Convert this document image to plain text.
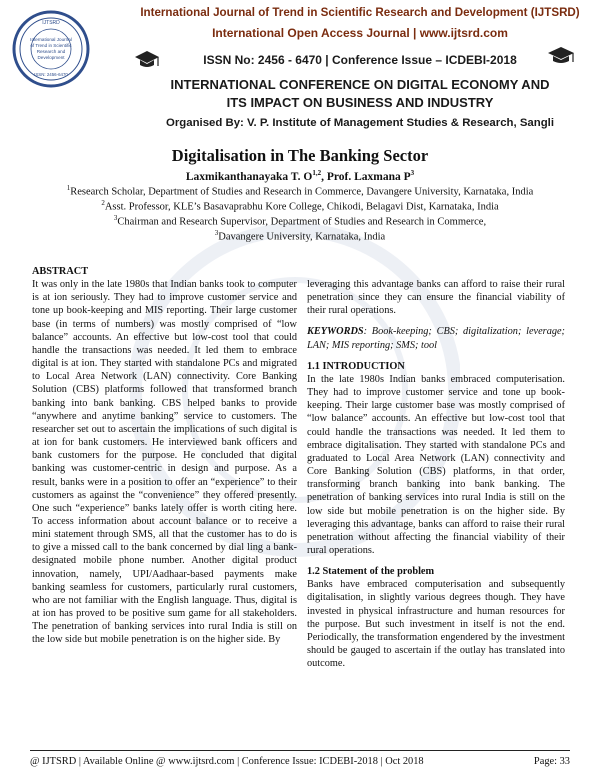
International Journal
of Trend in Scientific
Research and
Development
ISSN: 2456-6470
IJTSRD
International Journal of Trend in Scientific Research and Development (IJTSRD)
International Open Access Journal | www.ijtsrd.com
ISSN No: 2456 - 6470 | Conference Issue – ICDEBI-2018
INTERNATIONAL CONFERENCE ON DIGITAL ECONOMY AND
ITS IMPACT ON BUSINESS AND INDUSTRY
Organised By: V. P. Institute of Management Studies & Research, Sangli
Digitalisation in The Banking Sector
Laxmikanthanayaka T. O$^{1,2}$, Prof. Laxmana $P^3$
$^1$Research Scholar, Department of Studies and Research in Commerce, Davangere University, Karnataka, India
$^2$Asst. Professor, KLE’s Basavaprabhu Kore College, Chikodi, Belagavi Dist, Karnataka, India
$^3$Chairman and Research Supervisor, Department of Studies and Research in Commerce,
$^3$Davangere University, Karnataka, India

ABSTRACT

It was only in the late 1980s that Indian banks took to computer is at ion seriously. They had to improve customer service and tone up book-keeping and MIS reporting. Their large customer base (in terms of numbers) was mostly comprised of “low balance” accounts. An effective but low-cost tool that could handle the transactions was needed. It led them to embrace digital is at ion. They started with standalone PCs and migrated to Local Area Network (LAN) connectivity. Core Banking Solution (CBS) platforms followed that transformed branch banking into bank banking. CBS helped banks to provide “anywhere and anytime banking” service to customers. The researcher set out to ascertain the implications of such digital is at ion for bank customers. He interviewed bank officers and bank customers for the purpose. He concluded that digital banking was customer-centric in design and purpose. As a result, banks were in a position to offer an “experience” to their customers as against the “convenience” they offered presently. One such “experience” banks lately offer is worth citing here. To access information about account balance or to receive a mini statement through SMS, all that the customer has to do is to give a missed call to the bank concerned by dial ling a bank-designated mobile phone number. Another digital product innovation, namely, UPI/Aadhaar-based payments make banking seamless for customers, particularly rural customers, who are not familiar with the English language. Thus, digital is at ion has proved to be positive sum game for all stakeholders. The penetration of banking services into rural India is still on the low side but mobile penetration is on the higher side. By

leveraging this advantage banks can afford to raise their rural penetration since they can ensure the financial viability of their rural operations.

KEYWORDS: Book-keeping; CBS; digitalization; leverage; LAN; MIS reporting; SMS; tool

1.1 INTRODUCTION

In the late 1980s Indian banks embraced computerisation. They had to improve customer service and tone up book-keeping. Their large customer base was mostly comprised of “low balance” accounts. An effective but low-cost tool that could handle the transactions was needed. It led them to embrace digitalisation. They started with standalone PCs and graduated to Local Area Network (LAN) connectivity and Core Banking Solution (CBS) platforms, in that order, transforming branch banking into bank banking. The penetration of banking services into rural India is still on the low side but mobile penetration is on the higher side. By leveraging this advantage, banks can afford to raise their rural penetration without affecting the financial viability of their rural operations.

1.2 Statement of the problem

Banks have embraced computerisation and subsequently digitalisation, in slightly various degrees though. They have invested in physical infrastructure and human resources for the purpose. But such investment in itself is not the end. Periodically, the transformation engendered by the investment should be gauged to ascertain if the outlay has translated into outcome.

@ IJTSRD | Available Online @ www.ijtsrd.com | Conference Issue: ICDEBI-2018 | Oct 2018	Page: 33
